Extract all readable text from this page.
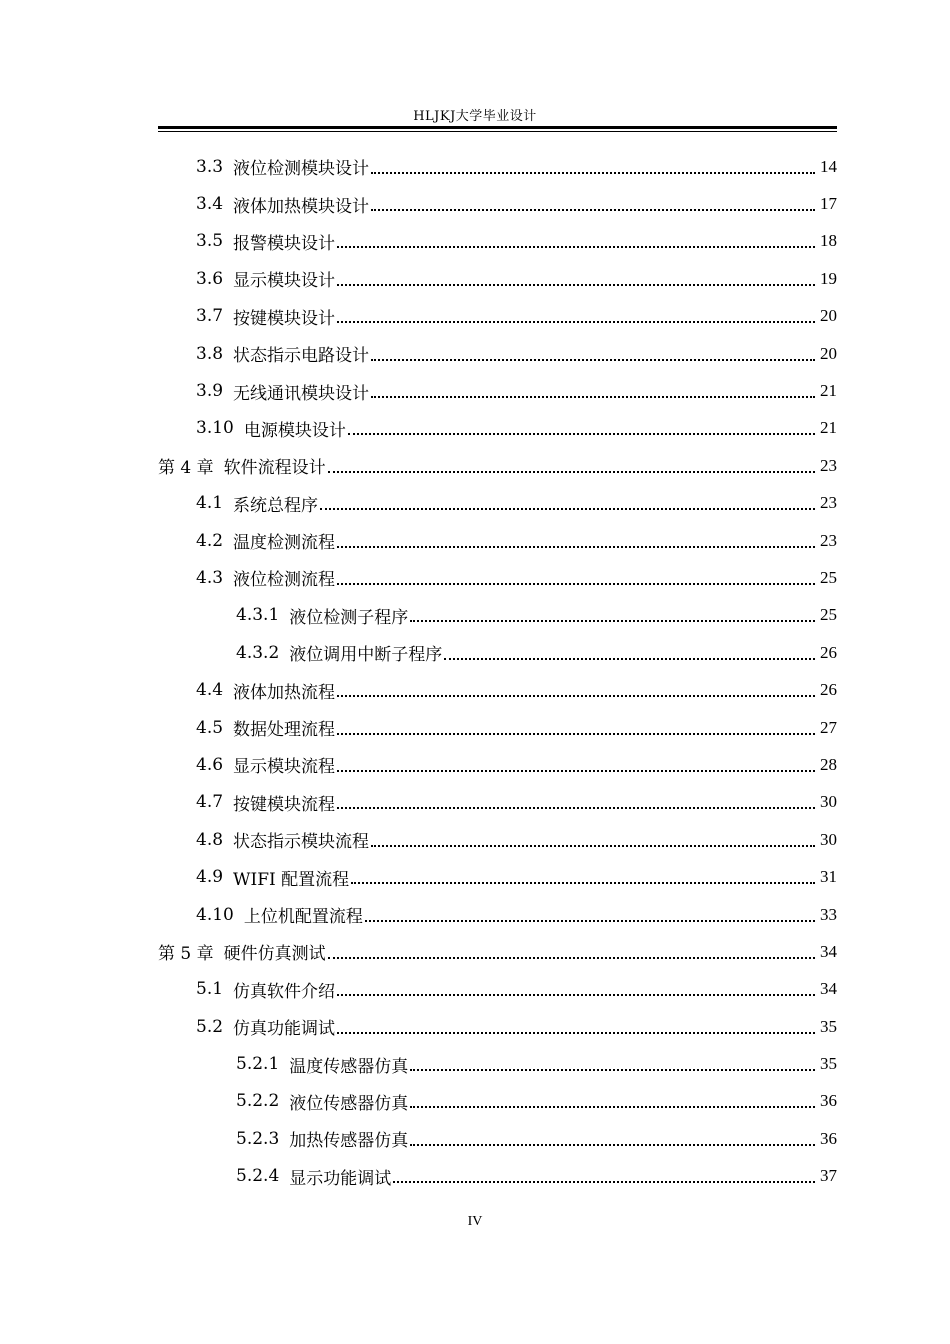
HLJKJ大学毕业设计
3.3 液位检测模块设计	14
3.4 液体加热模块设计	17
3.5 报警模块设计	18
3.6 显示模块设计	19
3.7 按键模块设计	20
3.8 状态指示电路设计	20
3.9 无线通讯模块设计	21
3.10 电源模块设计	21
第 4 章 软件流程设计	23
4.1 系统总程序	23
4.2 温度检测流程	23
4.3 液位检测流程	25
4.3.1 液位检测子程序	25
4.3.2 液位调用中断子程序	26
4.4 液体加热流程	26
4.5 数据处理流程	27
4.6 显示模块流程	28
4.7 按键模块流程	30
4.8 状态指示模块流程	30
4.9 WIFI 配置流程	31
4.10 上位机配置流程	33
第 5 章 硬件仿真测试	34
5.1 仿真软件介绍	34
5.2 仿真功能调试	35
5.2.1 温度传感器仿真	35
5.2.2 液位传感器仿真	36
5.2.3 加热传感器仿真	36
5.2.4 显示功能调试	37
IV
